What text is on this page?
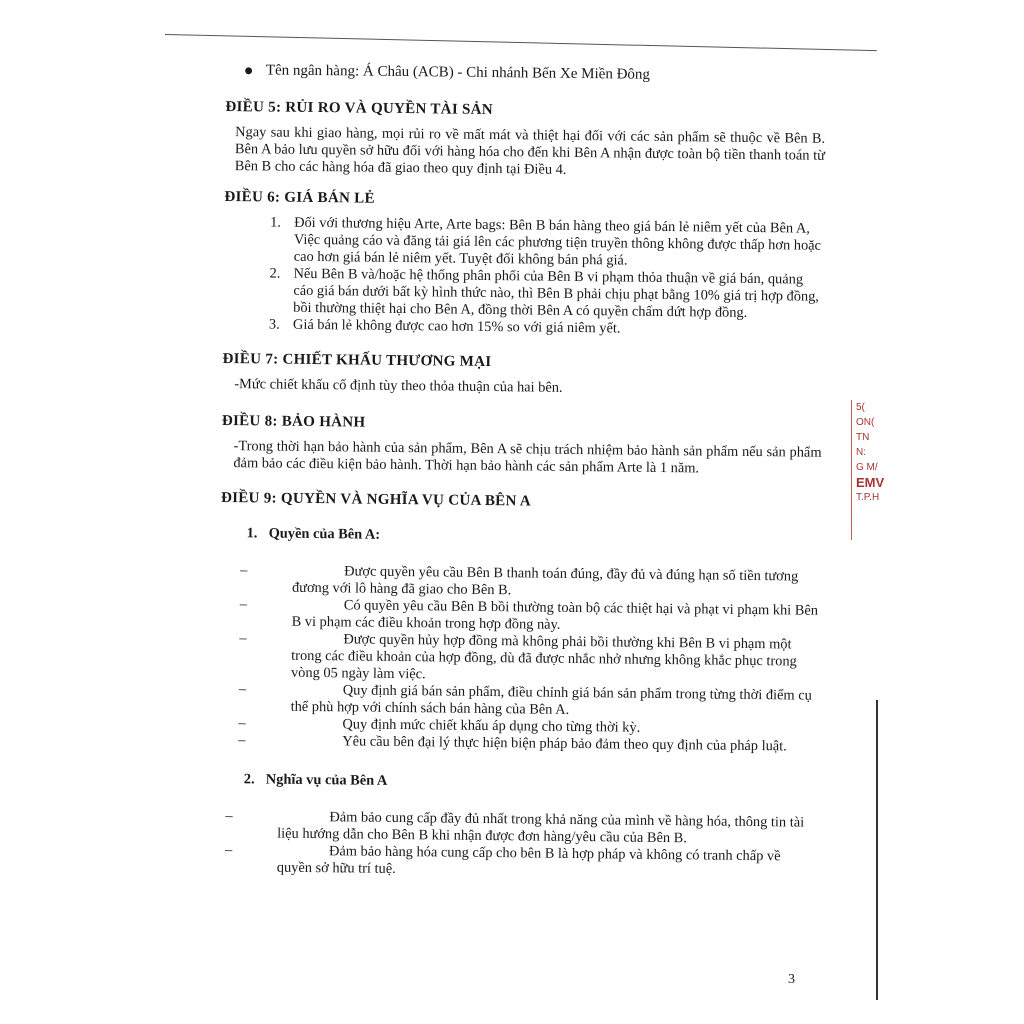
5(
ON(
TN
N:
G M/
EMV
T.P.H
● Tên ngân hàng: Á Châu (ACB) - Chi nhánh Bến Xe Miền Đông
ĐIỀU 5: RỦI RO VÀ QUYỀN TÀI SẢN

Ngay sau khi giao hàng, mọi rủi ro về mất mát và thiệt hại đối với các sản phẩm sẽ thuộc về Bên B. Bên A bảo lưu quyền sở hữu đối với hàng hóa cho đến khi Bên A nhận được toàn bộ tiền thanh toán từ Bên B cho các hàng hóa đã giao theo quy định tại Điều 4.

ĐIỀU 6: GIÁ BÁN LẺ
1. Đối với thương hiệu Arte, Arte bags: Bên B bán hàng theo giá bán lẻ niêm yết của Bên A, Việc quảng cáo và đăng tải giá lên các phương tiện truyền thông không được thấp hơn hoặc cao hơn giá bán lẻ niêm yết. Tuyệt đối không bán phá giá.
2. Nếu Bên B và/hoặc hệ thống phân phối của Bên B vi phạm thỏa thuận về giá bán, quảng cáo giá bán dưới bất kỳ hình thức nào, thì Bên B phải chịu phạt bằng 10% giá trị hợp đồng, bồi thường thiệt hại cho Bên A, đồng thời Bên A có quyền chấm dứt hợp đồng.
3. Giá bán lẻ không được cao hơn 15% so với giá niêm yết.
ĐIỀU 7: CHIẾT KHẤU THƯƠNG MẠI

-Mức chiết khấu cố định tùy theo thỏa thuận của hai bên.

ĐIỀU 8: BẢO HÀNH

-Trong thời hạn bảo hành của sản phẩm, Bên A sẽ chịu trách nhiệm bảo hành sản phẩm nếu sản phẩm đảm bảo các điều kiện bảo hành. Thời hạn bảo hành các sản phẩm Arte là 1 năm.

ĐIỀU 9: QUYỀN VÀ NGHĨA VỤ CỦA BÊN A
1. Quyền của Bên A:
–	Được quyền yêu cầu Bên B thanh toán đúng, đầy đủ và đúng hạn số tiền tương đương với lô hàng đã giao cho Bên B.
–	Có quyền yêu cầu Bên B bồi thường toàn bộ các thiệt hại và phạt vi phạm khi Bên B vi phạm các điều khoản trong hợp đồng này.
–	Được quyền hủy hợp đồng mà không phải bồi thường khi Bên B vi phạm một trong các điều khoản của hợp đồng, dù đã được nhắc nhở nhưng không khắc phục trong vòng 05 ngày làm việc.
–	Quy định giá bán sản phẩm, điều chỉnh giá bán sản phẩm trong từng thời điểm cụ thể phù hợp với chính sách bán hàng của Bên A.
–	Quy định mức chiết khấu áp dụng cho từng thời kỳ.
–	Yêu cầu bên đại lý thực hiện biện pháp bảo đảm theo quy định của pháp luật.
2. Nghĩa vụ của Bên A
–	Đảm bảo cung cấp đầy đủ nhất trong khả năng của mình về hàng hóa, thông tin tài liệu hướng dẫn cho Bên B khi nhận được đơn hàng/yêu cầu của Bên B.
–	Đảm bảo hàng hóa cung cấp cho bên B là hợp pháp và không có tranh chấp về quyền sở hữu trí tuệ.
3
